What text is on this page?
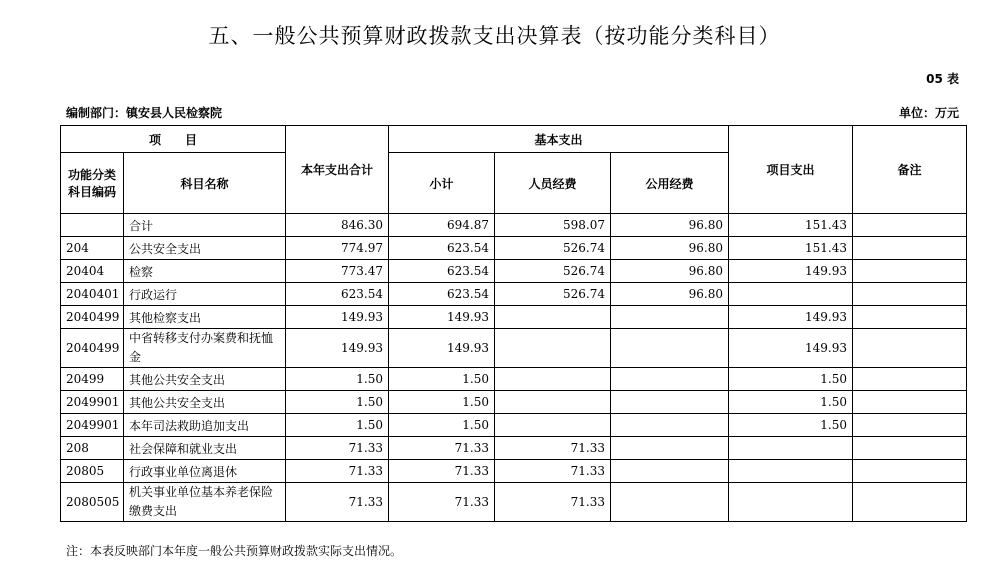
五、一般公共预算财政拨款支出决算表（按功能分类科目）
05 表
编制部门：镇安县人民检察院	单位：万元
项　　目		本年支出合计	基本支出			项目支出	备注
功能分类科目编码	科目名称		小计	人员经费	公用经费		
	合计	846.30	694.87	598.07	96.80	151.43	
204	公共安全支出	774.97	623.54	526.74	96.80	151.43	
20404	检察	773.47	623.54	526.74	96.80	149.93	
2040401	行政运行	623.54	623.54	526.74	96.80		
2040499	其他检察支出	149.93	149.93			149.93	
2040499	中省转移支付办案费和抚恤金	149.93	149.93			149.93	
20499	其他公共安全支出	1.50	1.50			1.50	
2049901	其他公共安全支出	1.50	1.50			1.50	
2049901	本年司法救助追加支出	1.50	1.50			1.50	
208	社会保障和就业支出	71.33	71.33	71.33			
20805	行政事业单位离退休	71.33	71.33	71.33			
2080505	机关事业单位基本养老保险缴费支出	71.33	71.33	71.33			
注：本表反映部门本年度一般公共预算财政拨款实际支出情况。
